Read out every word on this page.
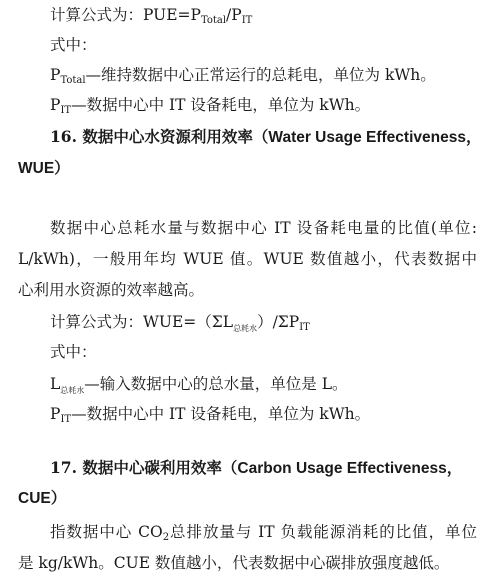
计算公式为：$PUE=P_{Total}/P_{IT}$
式中：
$P_{Total}—$维持数据中心正常运行的总耗电，单位为 kWh。
$P_{IT}—$数据中心中 IT 设备耗电，单位为 kWh。
16. 数据中心水资源利用效率（Water Usage Effectiveness，
WUE）
数据中心总耗水量与数据中心 IT 设备耗电量的比值(单位:
L/kWh)，一般用年均 WUE 值。WUE 数值越小，代表数据中
心利用水资源的效率越高。
计算公式为：$WUE=(\Sigma L_{总耗水})/\Sigma P_{IT}$
式中：
$L_{总耗水}—$输入数据中心的总水量，单位是 L。
$P_{IT}—$数据中心中 IT 设备耗电，单位为 kWh。
17. 数据中心碳利用效率（Carbon Usage Effectiveness，
CUE）
指数据中心 $CO_2$总排放量与 IT 负载能源消耗的比值，单位
是 kg/kWh。CUE 数值越小，代表数据中心碳排放强度越低。
